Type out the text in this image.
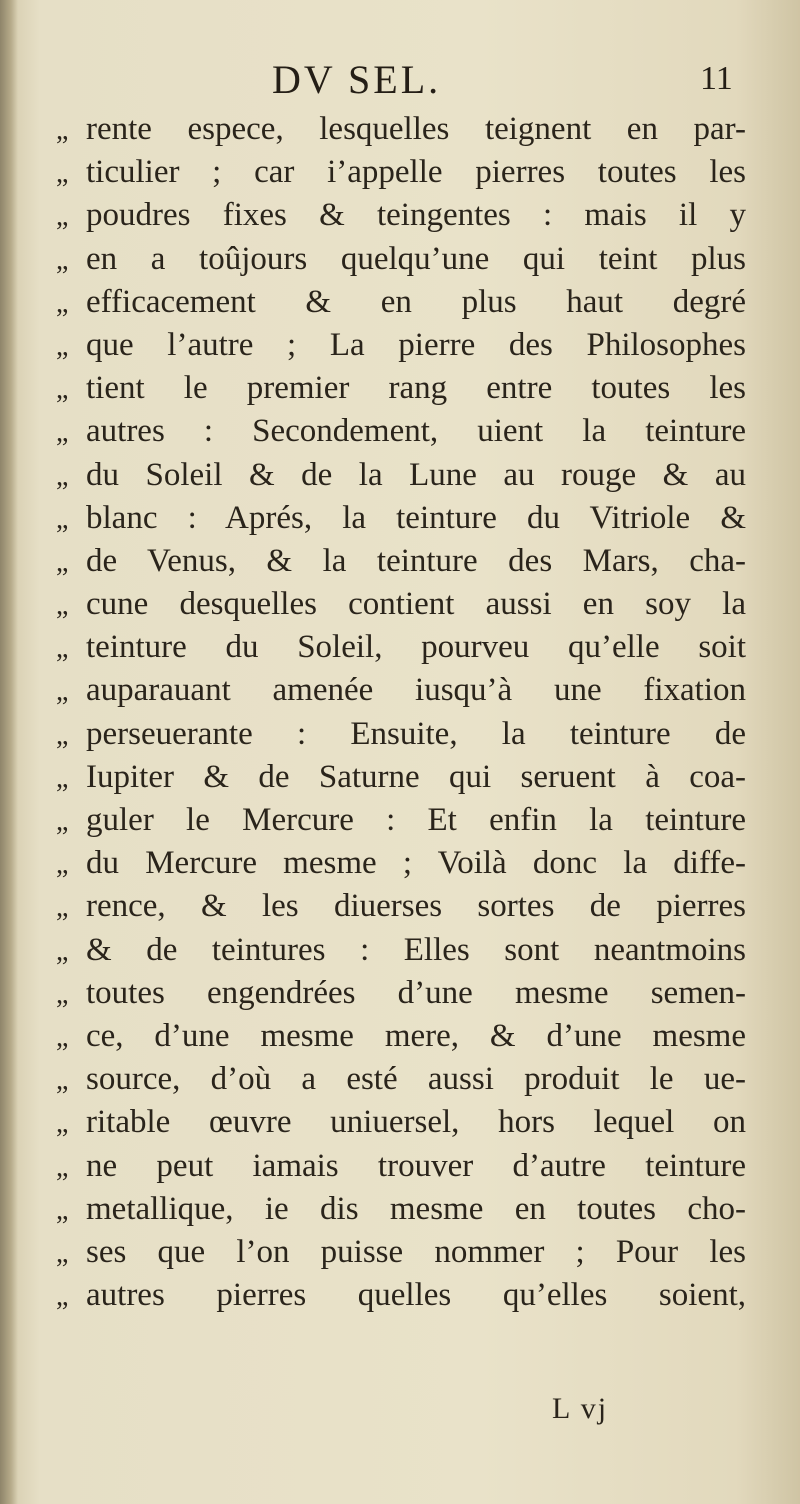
DV SEL.	11
„ rente espece, lesquelles teignent en par-
„ ticulier ; car i’appelle pierres toutes les
„ poudres fixes & teingentes : mais il y
„ en a toûjours quelqu’une qui teint plus
„ efficacement & en plus haut degré
„ que l’autre ; La pierre des Philosophes
„ tient le premier rang entre toutes les
„ autres : Secondement, uient la teinture
„ du Soleil & de la Lune au rouge & au
„ blanc : Aprés, la teinture du Vitriole &
„ de Venus, & la teinture des Mars, cha-
„ cune desquelles contient aussi en soy la
„ teinture du Soleil, pourveu qu’elle soit
„ auparauant amenée iusqu’à une fixation
„ perseuerante : Ensuite, la teinture de
„ Iupiter & de Saturne qui seruent à coa-
„ guler le Mercure : Et enfin la teinture
„ du Mercure mesme ; Voilà donc la diffe-
„ rence, & les diuerses sortes de pierres
„ & de teintures : Elles sont neantmoins
„ toutes engendrées d’une mesme semen-
„ ce, d’une mesme mere, & d’une mesme
„ source, d’où a esté aussi produit le ue-
„ ritable œuvre uniuersel, hors lequel on
„ ne peut iamais trouver d’autre teinture
„ metallique, ie dis mesme en toutes cho-
„ ses que l’on puisse nommer ; Pour les
„ autres pierres quelles qu’elles soient,
L vj
